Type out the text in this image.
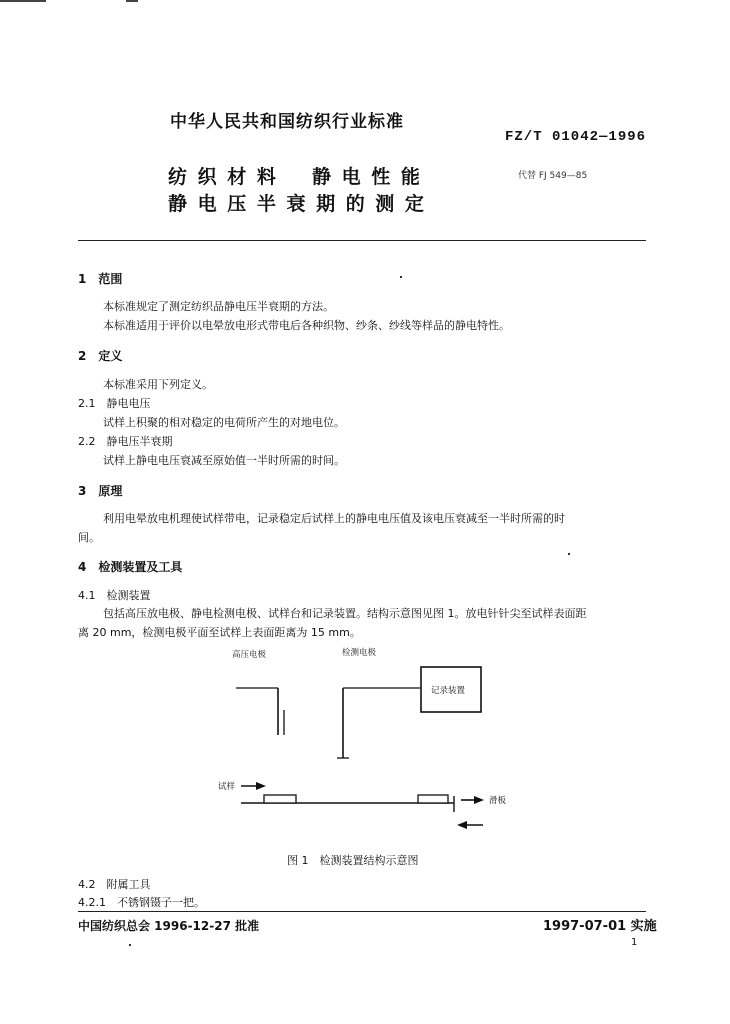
中华人民共和国纺织行业标准
FZ/T 01042—1996
纺 织 材 料 静 电 性 能	代替 FJ 549—85
静 电 压 半 衰 期 的 测 定
1　范围
本标准规定了测定纺织品静电压半衰期的方法。
本标准适用于评价以电晕放电形式带电后各种织物、纱条、纱线等样品的静电特性。
2　定义
本标准采用下列定义。
2.1　静电电压
试样上积聚的相对稳定的电荷所产生的对地电位。
2.2　静电压半衰期
试样上静电电压衰减至原始值一半时所需的时间。
3　原理
利用电晕放电机理使试样带电，记录稳定后试样上的静电电压值及该电压衰减至一半时所需的时
间。
4　检测装置及工具
4.1　检测装置
包括高压放电极、静电检测电极、试样台和记录装置。结构示意图见图 1。放电针针尖至试样表面距
离 20 mm，检测电极平面至试样上表面距离为 15 mm。
高压电极	检测电极
记录装置
试样
滑板
图 1　检测装置结构示意图
4.2　附属工具
4.2.1　不锈钢镊子一把。
中国纺织总会 1996-12-27 批准	1997-07-01 实施
1
